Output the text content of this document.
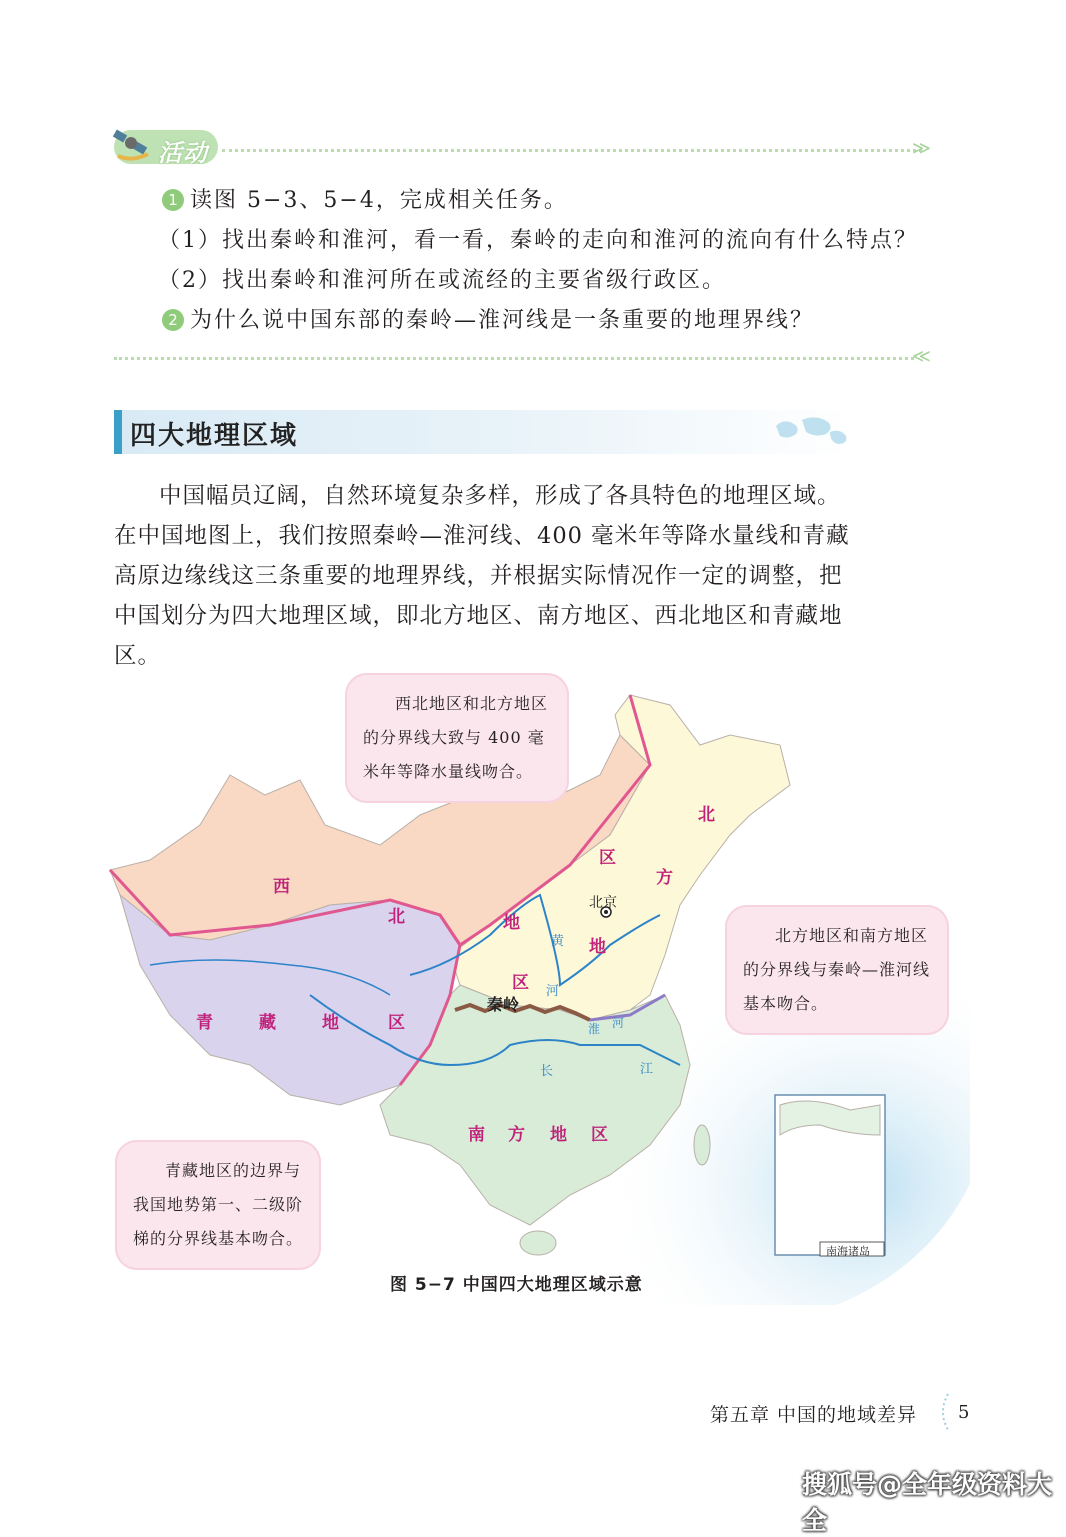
活动	≫
1 读图 5−3、5−4，完成相关任务。
（1）找出秦岭和淮河，看一看，秦岭的走向和淮河的流向有什么特点？
（2）找出秦岭和淮河所在或流经的主要省级行政区。
2 为什么说中国东部的秦岭—淮河线是一条重要的地理界线？
≪
四大地理区域

中国幅员辽阔，自然环境复杂多样，形成了各具特色的地理区域。在中国地图上，我们按照秦岭—淮河线、400 毫米年等降水量线和青藏高原边缘线这三条重要的地理界线，并根据实际情况作一定的调整，把中国划分为四大地理区域，即北方地区、南方地区、西北地区和青藏地区。

西
北	地
区
北
区
方
地
青	藏	地	区
南 方 地 区
秦岭
北京
黄
河
淮 河
长	江
南海诸岛

西北地区和北方地区的分界线大致与 400 毫米年等降水量线吻合。

北方地区和南方地区的分界线与秦岭—淮河线基本吻合。

青藏地区的边界与我国地势第一、二级阶梯的分界线基本吻合。

图 5−7 中国四大地理区域示意
第五章 中国的地域差异 5
搜狐号@全年级资料大全
